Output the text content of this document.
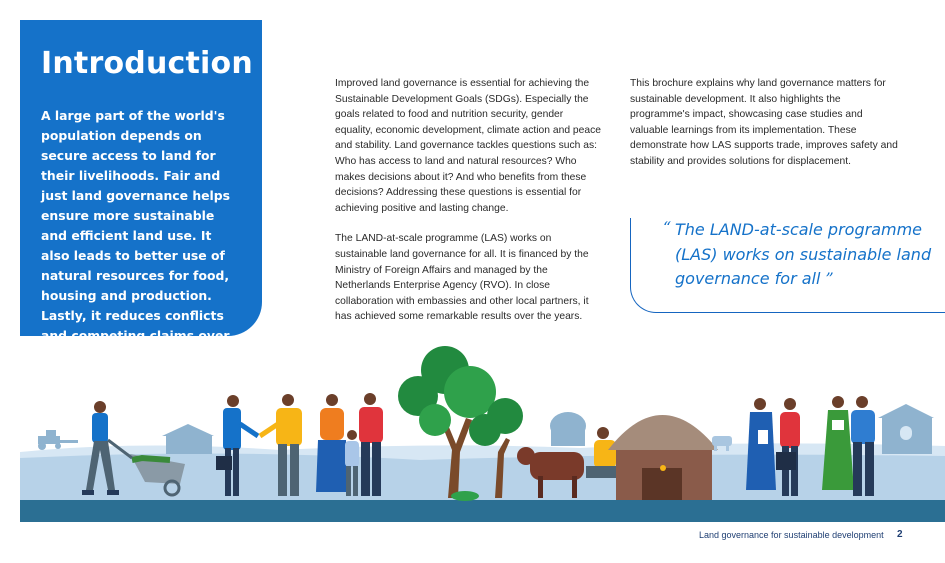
Introduction

A large part of the world's population depends on secure access to land for their livelihoods. Fair and just land governance helps ensure more sustainable and efficient land use. It also leads to better use of natural resources for food, housing and production. Lastly, it reduces conflicts and competing claims over land.

Improved land governance is essential for achieving the Sustainable Development Goals (SDGs). Especially the goals related to food and nutrition security, gender equality, economic development, climate action and peace and stability. Land governance tackles questions such as: Who has access to land and natural resources? Who makes decisions about it? And who benefits from these decisions? Addressing these questions is essential for achieving positive and lasting change.

The LAND-at-scale programme (LAS) works on sustainable land governance for all. It is financed by the Ministry of Foreign Affairs and managed by the Netherlands Enterprise Agency (RVO). In close collaboration with embassies and other local partners, it has achieved some remarkable results over the years.

This brochure explains why land governance matters for sustainable development. It also highlights the programme's impact, showcasing case studies and valuable learnings from its implementation. These demonstrate how LAS supports trade, improves safety and stability and provides solutions for displacement.

“ The LAND-at-scale programme (LAS) works on sustainable land governance for all ”
Land governance for sustainable development 2
